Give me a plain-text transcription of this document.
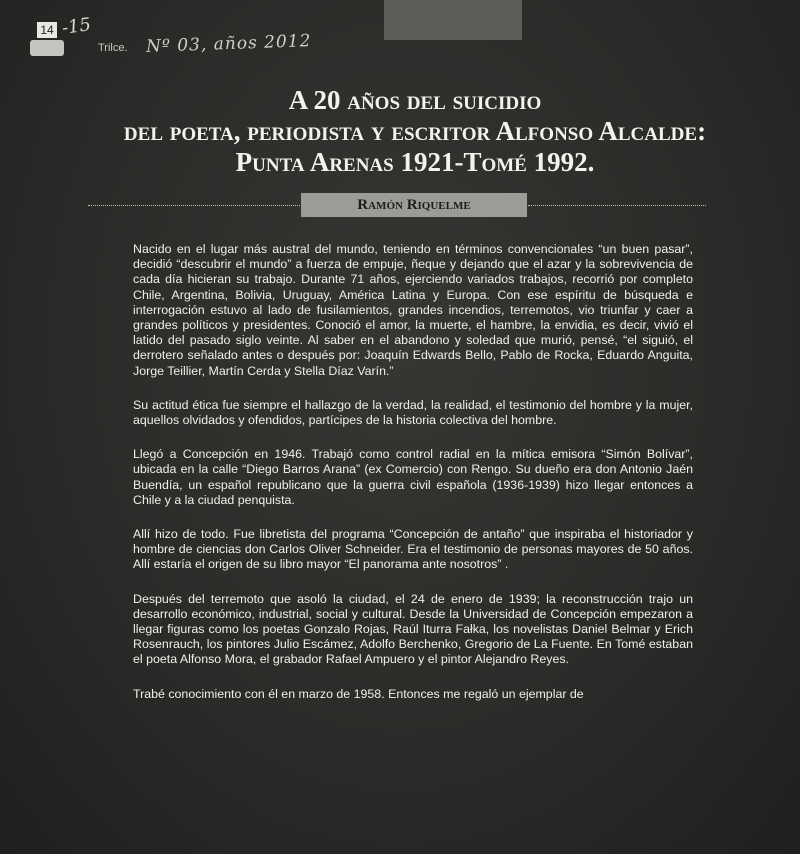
14 -15
Trilce. Nº 03, años 2012
A 20 años del suicidio
del poeta, periodista y escritor Alfonso Alcalde:
Punta Arenas 1921-Tomé 1992.
Ramón Riquelme

Nacido en el lugar más austral del mundo, teniendo en términos convencionales “un buen pasar”, decidió “descubrir el mundo” a fuerza de empuje, ñeque y dejando que el azar y la sobrevivencia de cada día hicieran su trabajo. Durante 71 años, ejerciendo variados trabajos, recorrió por completo Chile, Argentina, Bolivia, Uruguay, América Latina y Europa. Con ese espíritu de búsqueda e interrogación estuvo al lado de fusilamientos, grandes incendios, terremotos, vio triunfar y caer a grandes políticos y presidentes. Conoció el amor, la muerte, el hambre, la envidia, es decir, vivió el latido del pasado siglo veinte. Al saber en el abandono y soledad que murió, pensé, “el siguió, el derrotero señalado antes o después por: Joaquín Edwards Bello, Pablo de Rocka, Eduardo Anguita, Jorge Teillier, Martín Cerda y Stella Díaz Varín.”

Su actitud ética fue siempre el hallazgo de la verdad, la realidad, el testimonio del hombre y la mujer, aquellos olvidados y ofendidos, partícipes de la historia colectiva del hombre.

Llegó a Concepción en 1946. Trabajó como control radial en la mítica emisora “Simón Bolívar”, ubicada en la calle “Diego Barros Arana” (ex Comercio) con Rengo. Su dueño era don Antonio Jaén Buendía, un español republicano que la guerra civil española (1936-1939) hizo llegar entonces a Chile y a la ciudad penquista.

Allí hizo de todo. Fue libretista del programa “Concepción de antaño” que inspiraba el historiador y hombre de ciencias don Carlos Oliver Schneider. Era el testimonio de personas mayores de 50 años. Allí estaría el origen de su libro mayor “El panorama ante nosotros” .

Después del terremoto que asoló la ciudad, el 24 de enero de 1939; la reconstrucción trajo un desarrollo económico, industrial, social y cultural. Desde la Universidad de Concepción empezaron a llegar figuras como los poetas Gonzalo Rojas, Raúl Iturra Fałka, los novelistas Daniel Belmar y Erich Rosenrauch, los pintores Julio Escámez, Adolfo Berchenko, Gregorio de La Fuente. En Tomé estaban el poeta Alfonso Mora, el grabador Rafael Ampuero y el pintor Alejandro Reyes.

Trabé conocimiento con él en marzo de 1958. Entonces me regaló un ejemplar de
